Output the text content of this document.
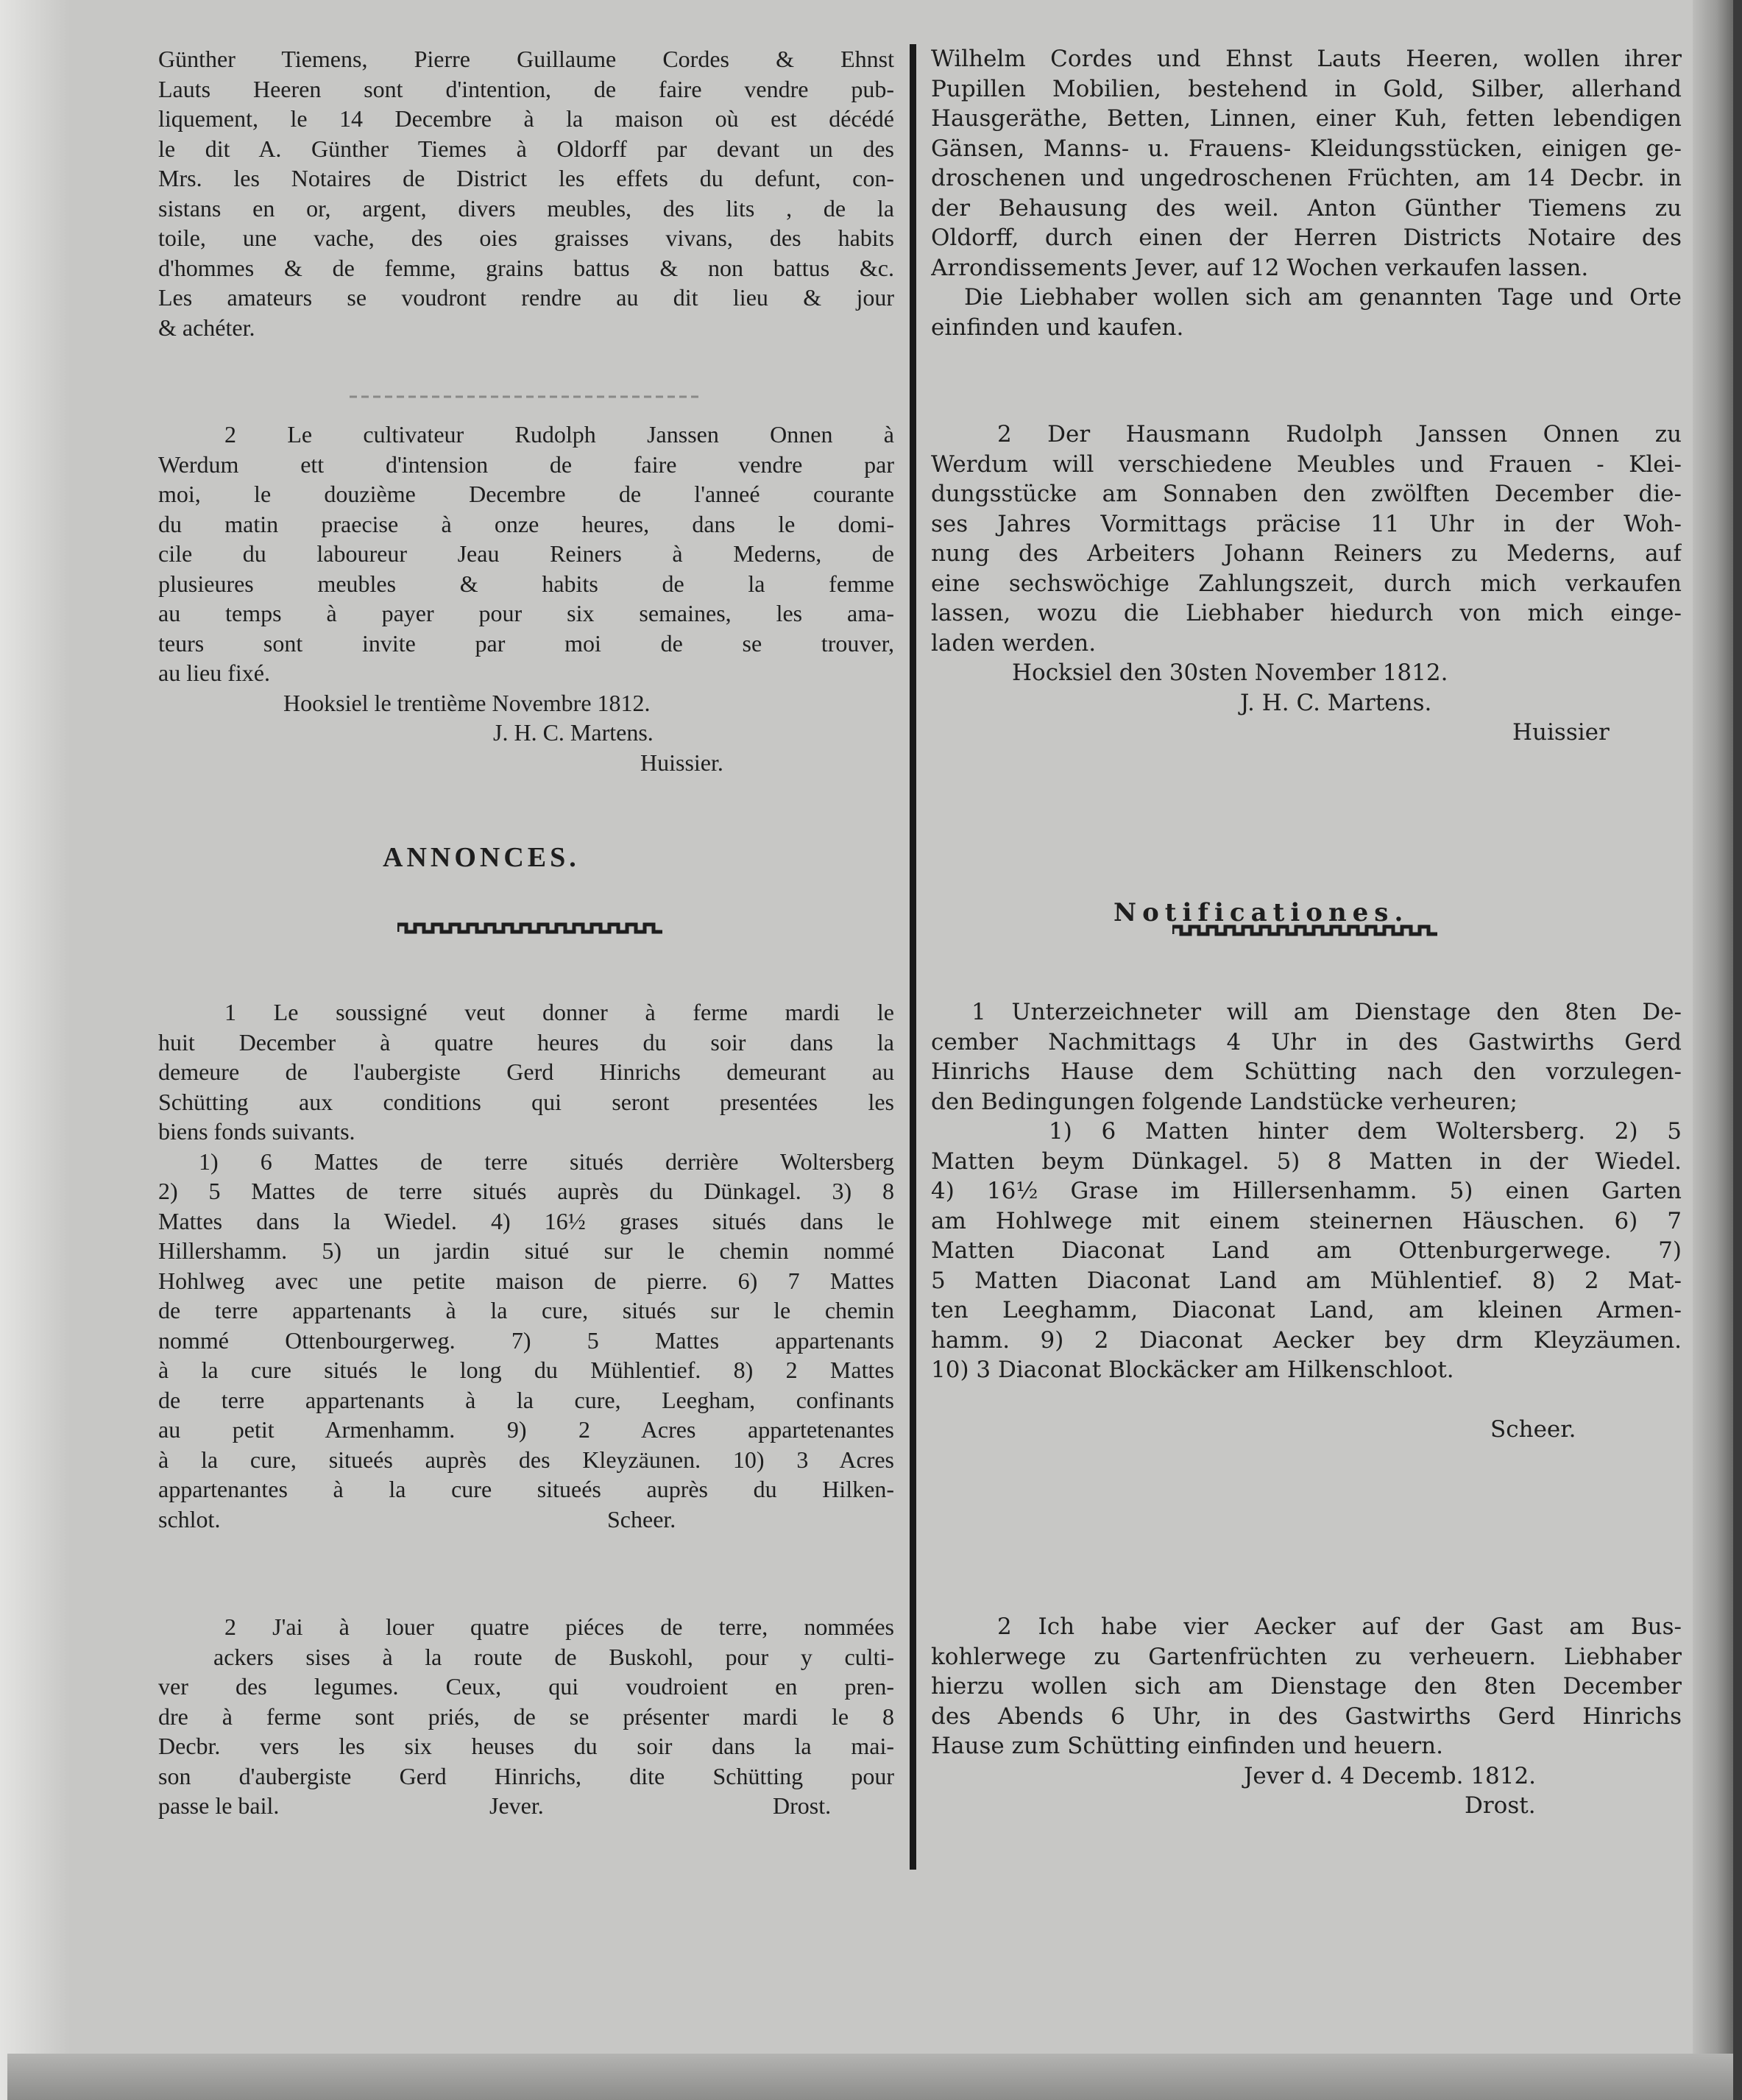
Günther Tiemens, Pierre Guillaume Cordes & Ehnst
Lauts Heeren sont d'intention, de faire vendre pub-
liquement, le 14 Decembre à la maison où est décédé
le dit A. Günther Tiemes à Oldorff par devant un des
Mrs. les Notaires de District les effets du defunt, con-
sistans en or, argent, divers meubles, des lits , de la
toile, une vache, des oies graisses vivans, des habits
d'hommes & de femme, grains battus & non battus &c.
Les amateurs se voudront rendre au dit lieu & jour
& achéter.
2 Le cultivateur Rudolph Janssen Onnen à
Werdum ett d'intension de faire vendre par
moi, le douzième Decembre de l'anneé courante
du matin praecise à onze heures, dans le domi-
cile du laboureur Jeau Reiners à Mederns, de
plusieures meubles & habits de la femme
au temps à payer pour six semaines, les ama-
teurs sont invite par moi de se trouver,
au lieu fixé.
Hooksiel le trentième Novembre 1812.
J. H. C. Martens.
Huissier.
ANNONCES.
1 Le soussigné veut donner à ferme mardi le
huit December à quatre heures du soir dans la
demeure de l'aubergiste Gerd Hinrichs demeurant au
Schütting aux conditions qui seront presentées les
biens fonds suivants.
1) 6 Mattes de terre situés derrière Woltersberg
2) 5 Mattes de terre situés auprès du Dünkagel. 3) 8
Mattes dans la Wiedel. 4) 16½ grases situés dans le
Hillershamm. 5) un jardin situé sur le chemin nommé
Hohlweg avec une petite maison de pierre. 6) 7 Mattes
de terre appartenants à la cure, situés sur le chemin
nommé Ottenbourgerweg. 7) 5 Mattes appartenants
à la cure situés le long du Mühlentief. 8) 2 Mattes
de terre appartenants à la cure, Leegham, confinants
au petit Armenhamm. 9) 2 Acres appartetenantes
à la cure, situeés auprès des Kleyzäunen. 10) 3 Acres
appartenantes à la cure situeés auprès du Hilken-
schlot.	Scheer.
2 J'ai à louer quatre piéces de terre, nommées
ackers sises à la route de Buskohl, pour y culti-
ver des legumes. Ceux, qui voudroient en pren-
dre à ferme sont priés, de se présenter mardi le 8
Decbr. vers les six heuses du soir dans la mai-
son d'aubergiste Gerd Hinrichs, dite Schütting pour
passe le bail.	Jever.	Drost.
Wilhelm Cordes und Ehnst Lauts Heeren, wollen ihrer
Pupillen Mobilien, bestehend in Gold, Silber, allerhand
Hausgeräthe, Betten, Linnen, einer Kuh, fetten lebendigen
Gänsen, Manns- u. Frauens- Kleidungsstücken, einigen ge-
droschenen und ungedroschenen Früchten, am 14 Decbr. in
der Behausung des weil. Anton Günther Tiemens zu
Oldorff, durch einen der Herren Districts Notaire des
Arrondissements Jever, auf 12 Wochen verkaufen lassen.
Die Liebhaber wollen sich am genannten Tage und Orte
einfinden und kaufen.
2 Der Hausmann Rudolph Janssen Onnen zu
Werdum will verschiedene Meubles und Frauen - Klei-
dungsstücke am Sonnaben den zwölften December die-
ses Jahres Vormittags präcise 11 Uhr in der Woh-
nung des Arbeiters Johann Reiners zu Mederns, auf
eine sechswöchige Zahlungszeit, durch mich verkaufen
lassen, wozu die Liebhaber hiedurch von mich einge-
laden werden.
Hocksiel den 30sten November 1812.
J. H. C. Martens.
Huissier
Notificationes.
1 Unterzeichneter will am Dienstage den 8ten De-
cember Nachmittags 4 Uhr in des Gastwirths Gerd
Hinrichs Hause dem Schütting nach den vorzulegen-
den Bedingungen folgende Landstücke verheuren;
1) 6 Matten hinter dem Woltersberg. 2) 5
Matten beym Dünkagel. 5) 8 Matten in der Wiedel.
4) 16½ Grase im Hillersenhamm. 5) einen Garten
am Hohlwege mit einem steinernen Häuschen. 6) 7
Matten Diaconat Land am Ottenburgerwege. 7)
5 Matten Diaconat Land am Mühlentief. 8) 2 Mat-
ten Leeghamm, Diaconat Land, am kleinen Armen-
hamm. 9) 2 Diaconat Aecker bey drm Kleyzäumen.
10) 3 Diaconat Blockäcker am Hilkenschloot.
Scheer.
2 Ich habe vier Aecker auf der Gast am Bus-
kohlerwege zu Gartenfrüchten zu verheuern. Liebhaber
hierzu wollen sich am Dienstage den 8ten December
des Abends 6 Uhr, in des Gastwirths Gerd Hinrichs
Hause zum Schütting einfinden und heuern.
Jever d. 4 Decemb. 1812.
Drost.
